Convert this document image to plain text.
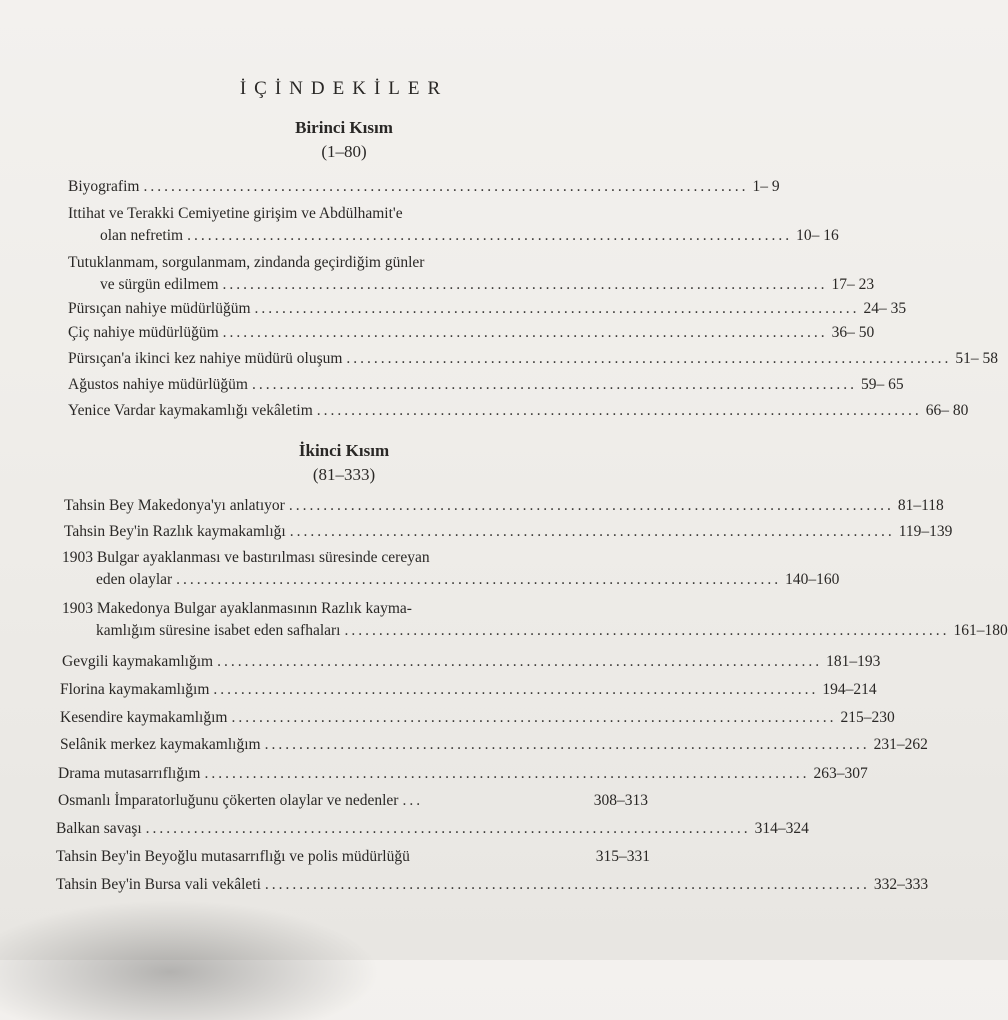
İÇİNDEKİLER
Birinci Kısım
(1–80)
Biyografim ........................................................................................ 1– 9
Ittihat ve Terakki Cemiyetine girişim ve Abdülhamit'e
olan nefretim ........................................................................................ 10– 16
Tutuklanmam, sorgulanmam, zindanda geçirdiğim günler
ve sürgün edilmem ........................................................................................ 17– 23
Pürsıçan nahiye müdürlüğüm ........................................................................................ 24– 35
Çiç nahiye müdürlüğüm ........................................................................................ 36– 50
Pürsıçan'a ikinci kez nahiye müdürü oluşum ........................................................................................ 51– 58
Ağustos nahiye müdürlüğüm ........................................................................................ 59– 65
Yenice Vardar kaymakamlığı vekâletim ........................................................................................ 66– 80
İkinci Kısım
(81–333)
Tahsin Bey Makedonya'yı anlatıyor ........................................................................................ 81–118
Tahsin Bey'in Razlık kaymakamlığı ........................................................................................ 119–139
1903 Bulgar ayaklanması ve bastırılması süresinde cereyan
eden olaylar ........................................................................................ 140–160
1903 Makedonya Bulgar ayaklanmasının Razlık kayma-
kamlığım süresine isabet eden safhaları ........................................................................................ 161–180
Gevgili kaymakamlığım ........................................................................................ 181–193
Florina kaymakamlığım ........................................................................................ 194–214
Kesendire kaymakamlığım ........................................................................................ 215–230
Selânik merkez kaymakamlığım ........................................................................................ 231–262
Drama mutasarrıflığım ........................................................................................ 263–307
Osmanlı İmparatorluğunu çökerten olaylar ve nedenler ...	308–313
Balkan savaşı ........................................................................................ 314–324
Tahsin Bey'in Beyoğlu mutasarrıflığı ve polis müdürlüğü	315–331
Tahsin Bey'in Bursa vali vekâleti ........................................................................................ 332–333
